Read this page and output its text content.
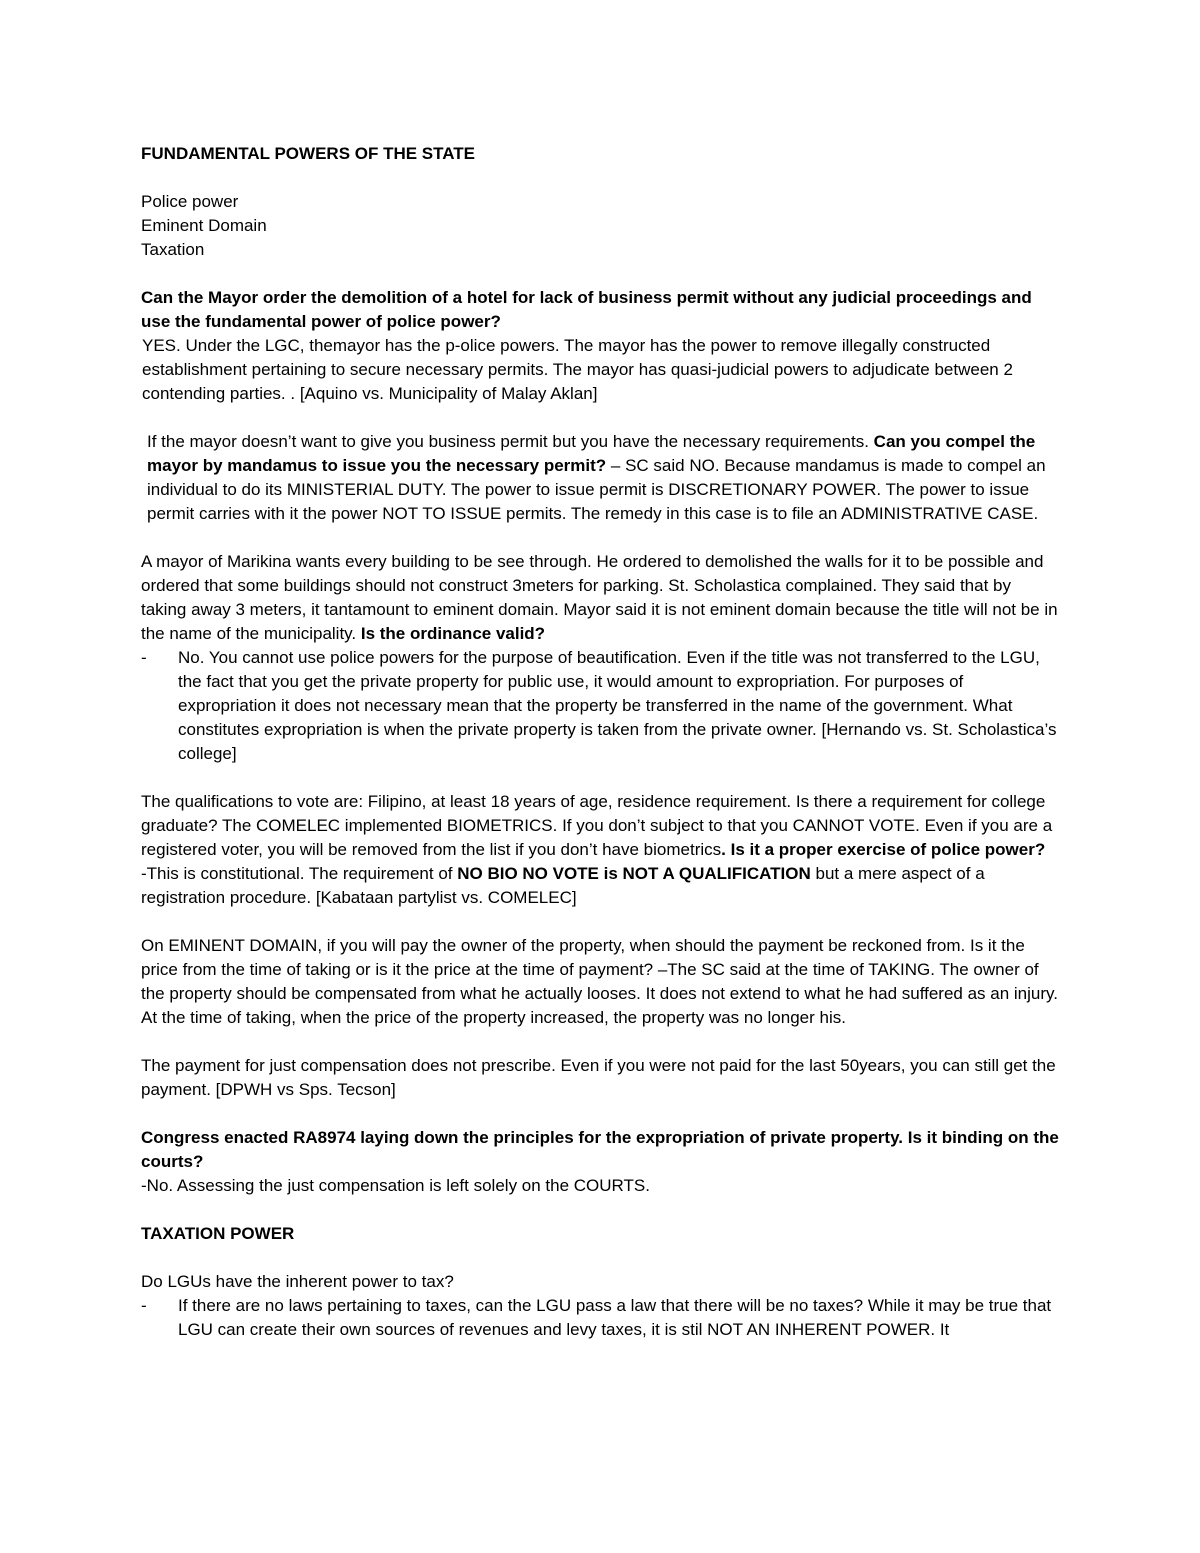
FUNDAMENTAL POWERS OF THE STATE

Police power

Eminent Domain

Taxation

Can the Mayor order the demolition of a hotel for lack of business permit without any judicial proceedings and use the fundamental power of police power?

YES. Under the LGC, themayor has the p-olice powers. The mayor has the power to remove illegally constructed establishment pertaining to secure necessary permits. The mayor has quasi-judicial powers to adjudicate between 2 contending parties. . [Aquino vs. Municipality of Malay Aklan]

If the mayor doesn’t want to give you business permit but you have the necessary requirements. Can you compel the mayor by mandamus to issue you the necessary permit? – SC said NO. Because mandamus is made to compel an individual to do its MINISTERIAL DUTY. The power to issue permit is DISCRETIONARY POWER. The power to issue permit carries with it the power NOT TO ISSUE permits. The remedy in this case is to file an ADMINISTRATIVE CASE.

A mayor of Marikina wants every building to be see through. He ordered to demolished the walls for it to be possible and ordered that some buildings should not construct 3meters for parking. St. Scholastica complained. They said that by taking away 3 meters, it tantamount to eminent domain. Mayor said it is not eminent domain because the title will not be in the name of the municipality. Is the ordinance valid?

-	No. You cannot use police powers for the purpose of beautification. Even if the title was not transferred to the LGU, the fact that you get the private property for public use, it would amount to expropriation. For purposes of expropriation it does not necessary mean that the property be transferred in the name of the government. What constitutes expropriation is when the private property is taken from the private owner. [Hernando vs. St. Scholastica’s college]

The qualifications to vote are: Filipino, at least 18 years of age, residence requirement. Is there a requirement for college graduate? The COMELEC implemented BIOMETRICS. If you don’t subject to that you CANNOT VOTE. Even if you are a registered voter, you will be removed from the list if you don’t have biometrics. Is it a proper exercise of police power?

-This is constitutional. The requirement of NO BIO NO VOTE is NOT A QUALIFICATION but a mere aspect of a registration procedure. [Kabataan partylist vs. COMELEC]

On EMINENT DOMAIN, if you will pay the owner of the property, when should the payment be reckoned from. Is it the price from the time of taking or is it the price at the time of payment? –The SC said at the time of TAKING. The owner of the property should be compensated from what he actually looses. It does not extend to what he had suffered as an injury. At the time of taking, when the price of the property increased, the property was no longer his.

The payment for just compensation does not prescribe. Even if you were not paid for the last 50years, you can still get the payment. [DPWH vs Sps. Tecson]

Congress enacted RA8974 laying down the principles for the expropriation of private property. Is it binding on the courts?

-No. Assessing the just compensation is left solely on the COURTS.

TAXATION POWER

Do LGUs have the inherent power to tax?

-	If there are no laws pertaining to taxes, can the LGU pass a law that there will be no taxes? While it may be true that LGU can create their own sources of revenues and levy taxes, it is stil NOT AN INHERENT POWER. It
